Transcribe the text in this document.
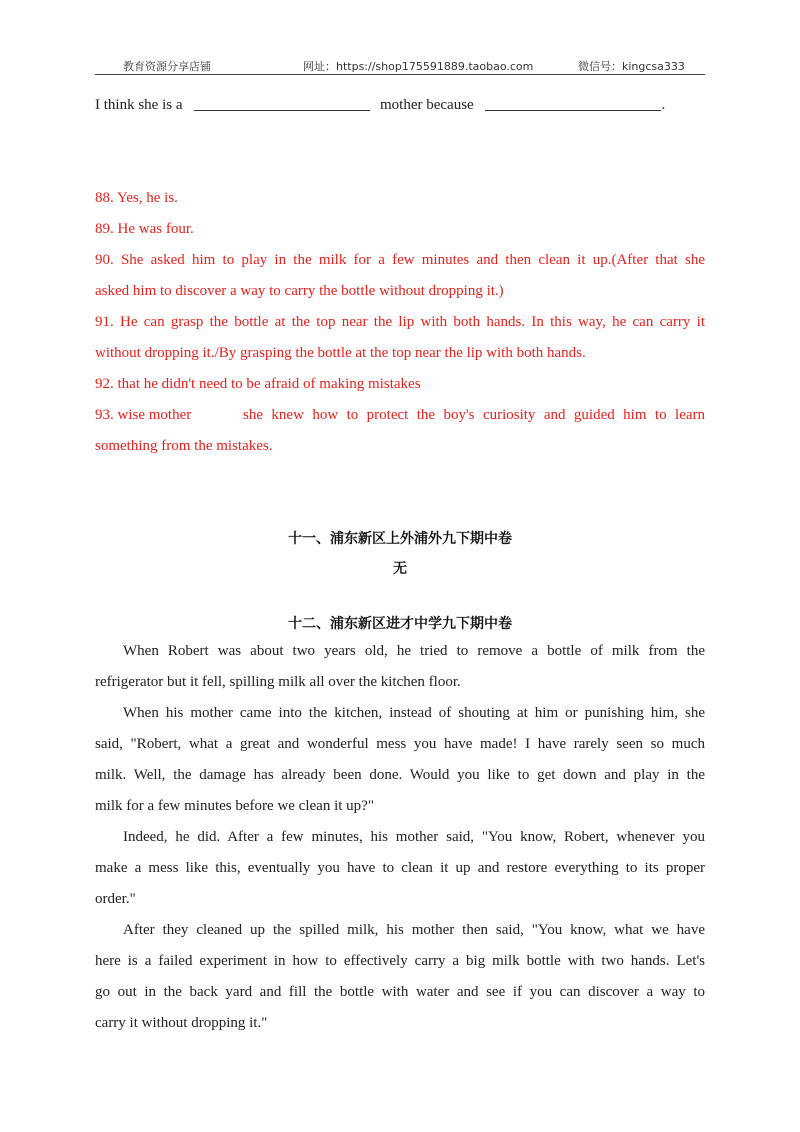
教育资源分享店铺	网址：https://shop175591889.taobao.com	微信号：kingcsa333
I think she is a	mother because	.
88. Yes, he is.
89. He was four.
90. She asked him to play in the milk for a few minutes and then clean it up.(After that she
asked him to discover a way to carry the bottle without dropping it.)
91. He can grasp the bottle at the top near the lip with both hands. In this way, he can carry it
without dropping it./By grasping the bottle at the top near the lip with both hands.
92. that he didn't need to be afraid of making mistakes
93. wise mother	she knew how to protect the boy's curiosity and guided him to learn
something from the mistakes.
十一、浦东新区上外浦外九下期中卷
无
十二、浦东新区进才中学九下期中卷
When Robert was about two years old, he tried to remove a bottle of milk from the
refrigerator but it fell, spilling milk all over the kitchen floor.
When his mother came into the kitchen, instead of shouting at him or punishing him, she
said, "Robert, what a great and wonderful mess you have made! I have rarely seen so much
milk. Well, the damage has already been done. Would you like to get down and play in the
milk for a few minutes before we clean it up?"
Indeed, he did. After a few minutes, his mother said, "You know, Robert, whenever you
make a mess like this, eventually you have to clean it up and restore everything to its proper
order."
After they cleaned up the spilled milk, his mother then said, "You know, what we have
here is a failed experiment in how to effectively carry a big milk bottle with two hands. Let's
go out in the back yard and fill the bottle with water and see if you can discover a way to
carry it without dropping it."
